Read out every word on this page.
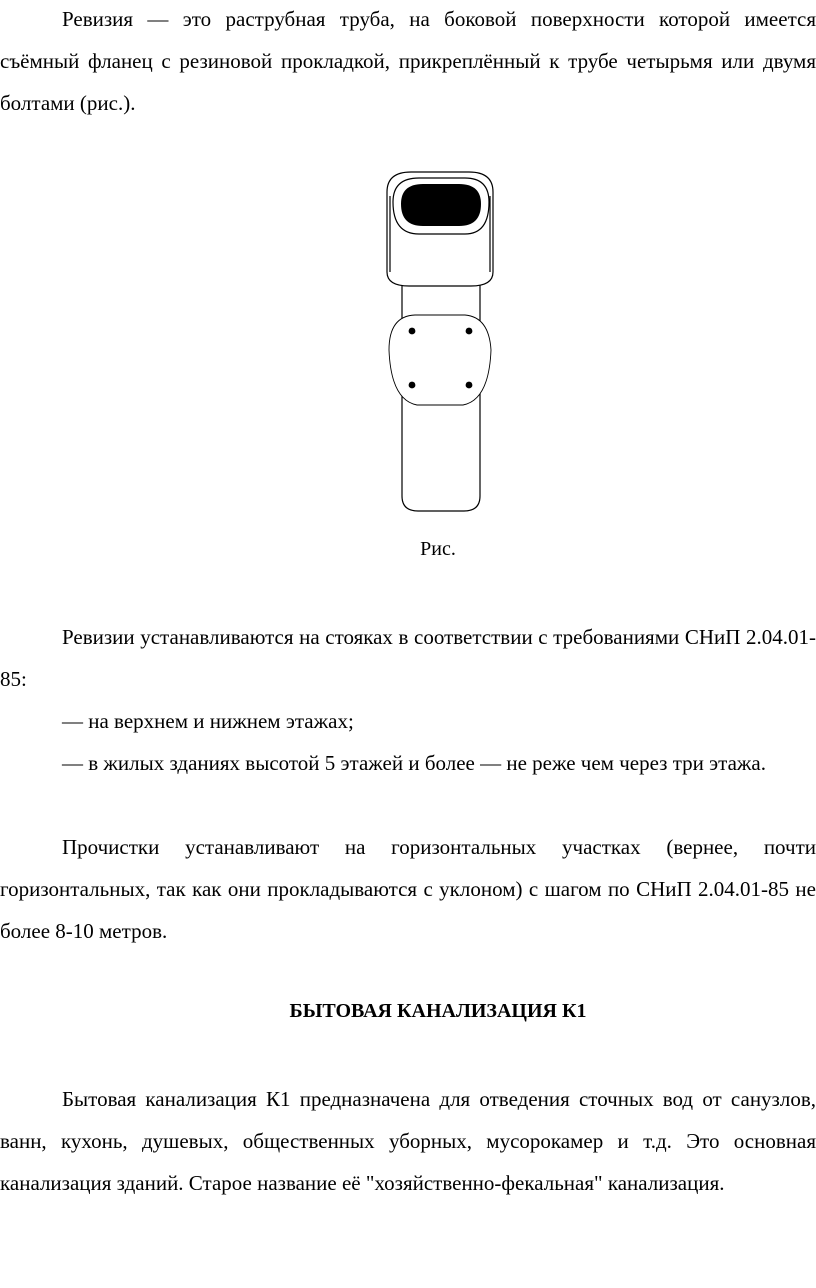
Ревизия — это раструбная труба, на боковой поверхности которой имеется съёмный фланец с резиновой прокладкой, прикреплённый к трубе четырьмя или двумя болтами (рис.).

Рис.

Ревизии устанавливаются на стояках в соответствии с требованиями СНиП 2.04.01-85:

— на верхнем и нижнем этажах;

— в жилых зданиях высотой 5 этажей и более — не реже чем через три этажа.

Прочистки устанавливают на горизонтальных участках (вернее, почти горизонтальных, так как они прокладываются с уклоном) с шагом по СНиП 2.04.01-85 не более 8-10 метров.

БЫТОВАЯ КАНАЛИЗАЦИЯ К1

Бытовая канализация К1 предназначена для отведения сточных вод от санузлов, ванн, кухонь, душевых, общественных уборных, мусорокамер и т.д. Это основная канализация зданий. Старое название её "хозяйственно-фекальная" канализация.
